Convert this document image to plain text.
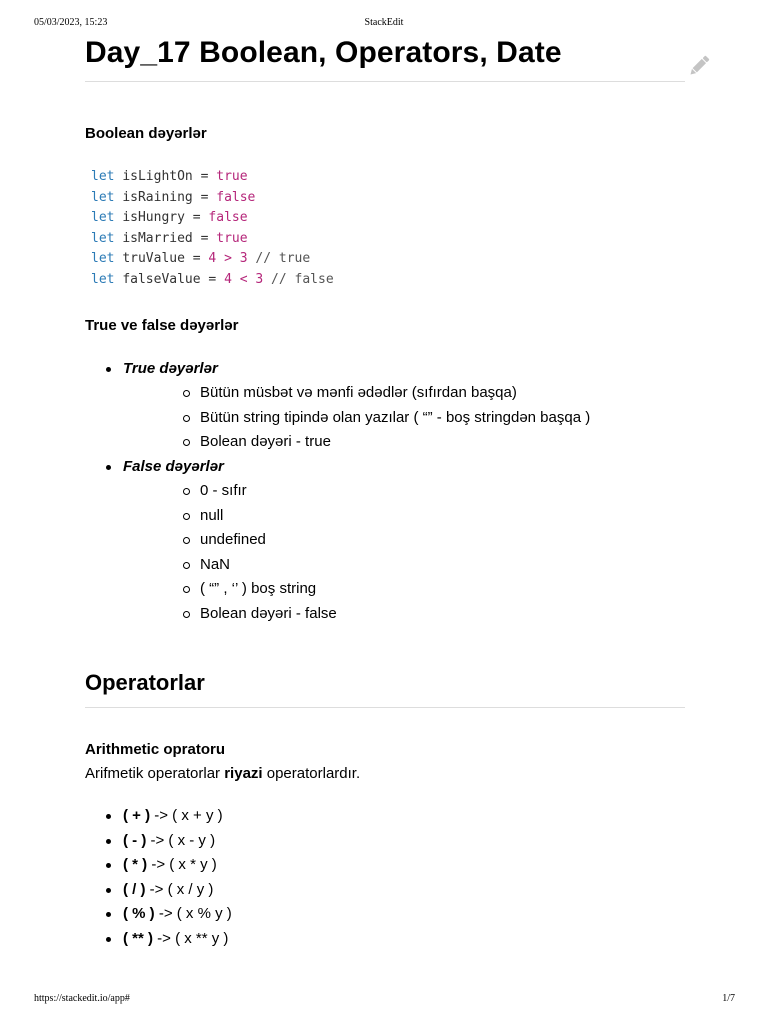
05/03/2023, 15:23	StackEdit
Day_17 Boolean, Operators, Date
Boolean dəyərlər
let isLightOn = true
let isRaining = false
let isHungry = false
let isMarried = true
let truValue = 4 > 3 // true
let falseValue = 4 < 3 // false
True ve false dəyərlər
True dəyərlər
Bütün müsbət və mənfi ədədlər (sıfırdan başqa)
Bütün string tipində olan yazılar ( “” - boş stringdən başqa )
Bolean dəyəri - true
False dəyərlər
0 - sıfır
null
undefined
NaN
( “” , ‘’ ) boş string
Bolean dəyəri - false
Operatorlar
Arithmetic opratoru

Arifmetik operatorlar riyazi operatorlardır.

( + ) -> ( x + y )
( - ) -> ( x - y )
( * ) -> ( x * y )
( / ) -> ( x / y )
( % ) -> ( x % y )
( ** ) -> ( x ** y )
https://stackedit.io/app#	1/7
